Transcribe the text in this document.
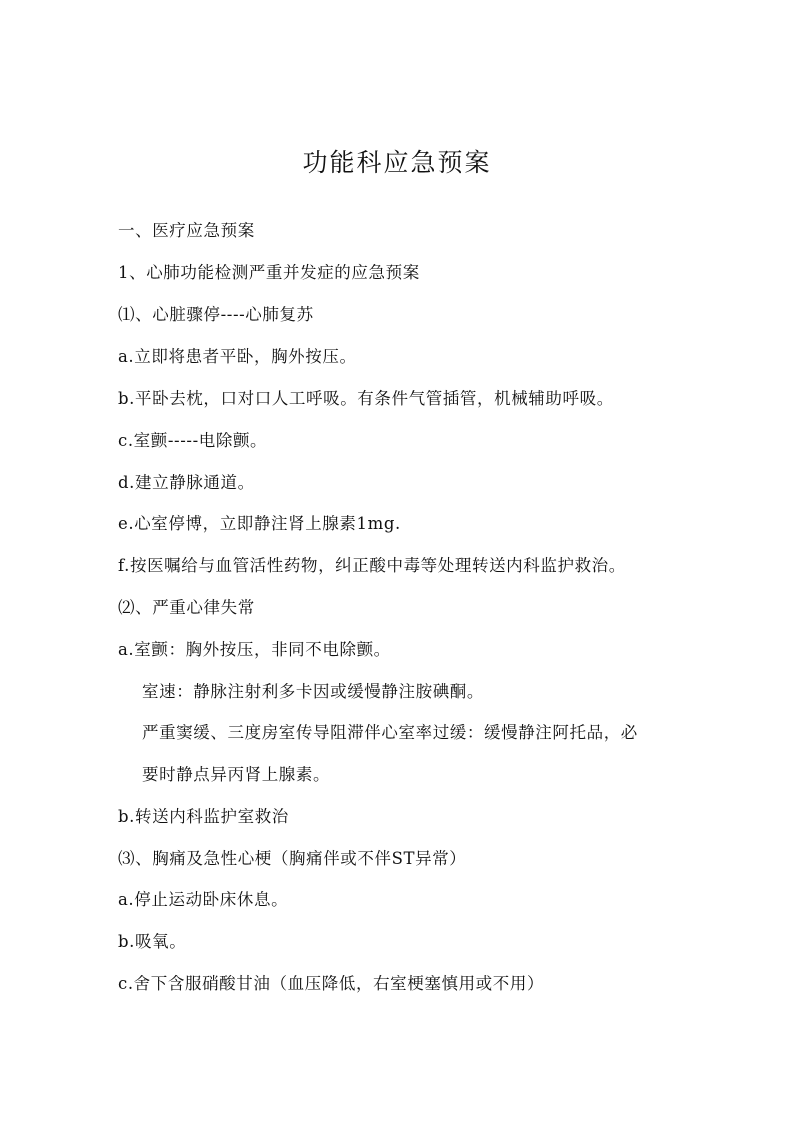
功能科应急预案
一、医疗应急预案
1、心肺功能检测严重并发症的应急预案
⑴、心脏骤停----心肺复苏
a.立即将患者平卧，胸外按压。
b.平卧去枕，口对口人工呼吸。有条件气管插管，机械辅助呼吸。
c.室颤-----电除颤。
d.建立静脉通道。
e.心室停博，立即静注肾上腺素1mg.
f.按医嘱给与血管活性药物，纠正酸中毒等处理转送内科监护救治。
⑵、严重心律失常
a.室颤：胸外按压，非同不电除颤。
室速：静脉注射利多卡因或缓慢静注胺碘酮。
严重窦缓、三度房室传导阻滞伴心室率过缓：缓慢静注阿托品，必
要时静点异丙肾上腺素。
b.转送内科监护室救治
⑶、胸痛及急性心梗（胸痛伴或不伴ST异常）
a.停止运动卧床休息。
b.吸氧。
c.舍下含服硝酸甘油（血压降低，右室梗塞慎用或不用）
